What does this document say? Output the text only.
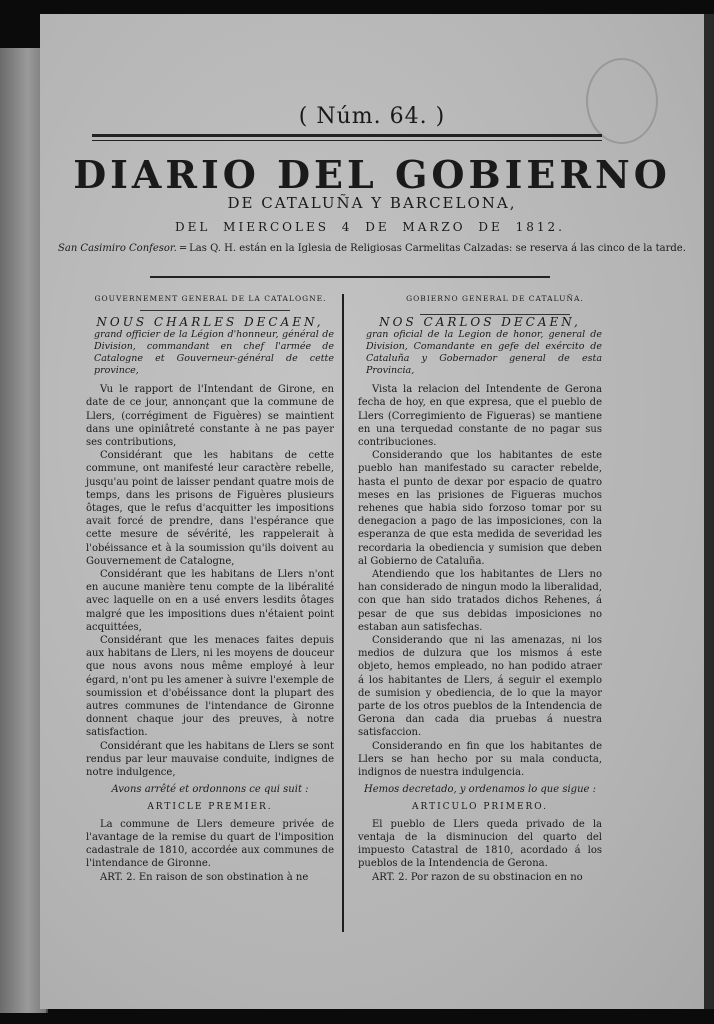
( Núm. 64. )
DIARIO DEL GOBIERNO
DE CATALUÑA Y BARCELONA,
DEL MIERCOLES 4 DE MARZO DE 1812.
San Casimiro Confesor. ═ Las Q. H. están en la Iglesia de Religiosas Carmelitas Calzadas: se reserva á las cinco de la tarde.
GOUVERNEMENT GENERAL DE LA CATALOGNE.	GOBIERNO GENERAL DE CATALUÑA.

NOUS CHARLES DECAEN,

grand officier de la Légion d'honneur, général de Division, commandant en chef l'armée de Catalogne et Gouverneur-général de cette province,

Vu le rapport de l'Intendant de Girone, en date de ce jour, annonçant que la commune de Llers, (corrégiment de Figuères) se maintient dans une opiniâtreté constante à ne pas payer ses contributions,

Considérant que les habitans de cette commune, ont manifesté leur caractère rebelle, jusqu'au point de laisser pendant quatre mois de temps, dans les prisons de Figuères plusieurs ôtages, que le refus d'acquitter les impositions avait forcé de prendre, dans l'espérance que cette mesure de sévérité, les rappelerait à l'obéissance et à la soumission qu'ils doivent au Gouvernement de Catalogne,

Considérant que les habitans de Llers n'ont en aucune manière tenu compte de la libéralité avec laquelle on en a usé envers lesdits ôtages malgré que les impositions dues n'étaient point acquittées,

Considérant que les menaces faites depuis aux habitans de Llers, ni les moyens de douceur que nous avons nous même employé à leur égard, n'ont pu les amener à suivre l'exemple de soumission et d'obéissance dont la plupart des autres communes de l'intendance de Gironne donnent chaque jour des preuves, à notre satisfaction.

Considérant que les habitans de Llers se sont rendus par leur mauvaise conduite, indignes de notre indulgence,

Avons arrêté et ordonnons ce qui suit :

ARTICLE PREMIER.

La commune de Llers demeure privée de l'avantage de la remise du quart de l'imposition cadastrale de 1810, accordée aux communes de l'intendance de Gironne.

ART. 2. En raison de son obstination à ne

NOS CARLOS DECAEN,

gran oficial de la Legion de honor, general de Division, Comandante en gefe del exército de Cataluña y Gobernador general de esta Provincia,

Vista la relacion del Intendente de Gerona fecha de hoy, en que expresa, que el pueblo de Llers (Corregimiento de Figueras) se mantiene en una terquedad constante de no pagar sus contribuciones.

Considerando que los habitantes de este pueblo han manifestado su caracter rebelde, hasta el punto de dexar por espacio de quatro meses en las prisiones de Figueras muchos rehenes que habia sido forzoso tomar por su denegacion a pago de las imposiciones, con la esperanza de que esta medida de severidad les recordaria la obediencia y sumision que deben al Gobierno de Cataluña.

Atendiendo que los habitantes de Llers no han considerado de ningun modo la liberalidad, con que han sido tratados dichos Rehenes, á pesar de que sus debidas imposiciones no estaban aun satisfechas.

Considerando que ni las amenazas, ni los medios de dulzura que los mismos á este objeto, hemos empleado, no han podido atraer á los habitantes de Llers, á seguir el exemplo de sumision y obediencia, de lo que la mayor parte de los otros pueblos de la Intendencia de Gerona dan cada dia pruebas á nuestra satisfaccion.

Considerando en fin que los habitantes de Llers se han hecho por su mala conducta, indignos de nuestra indulgencia.

Hemos decretado, y ordenamos lo que sigue :

ARTICULO PRIMERO.

El pueblo de Llers queda privado de la ventaja de la disminucion del quarto del impuesto Catastral de 1810, acordado á los pueblos de la Intendencia de Gerona.

ART. 2. Por razon de su obstinacion en no
